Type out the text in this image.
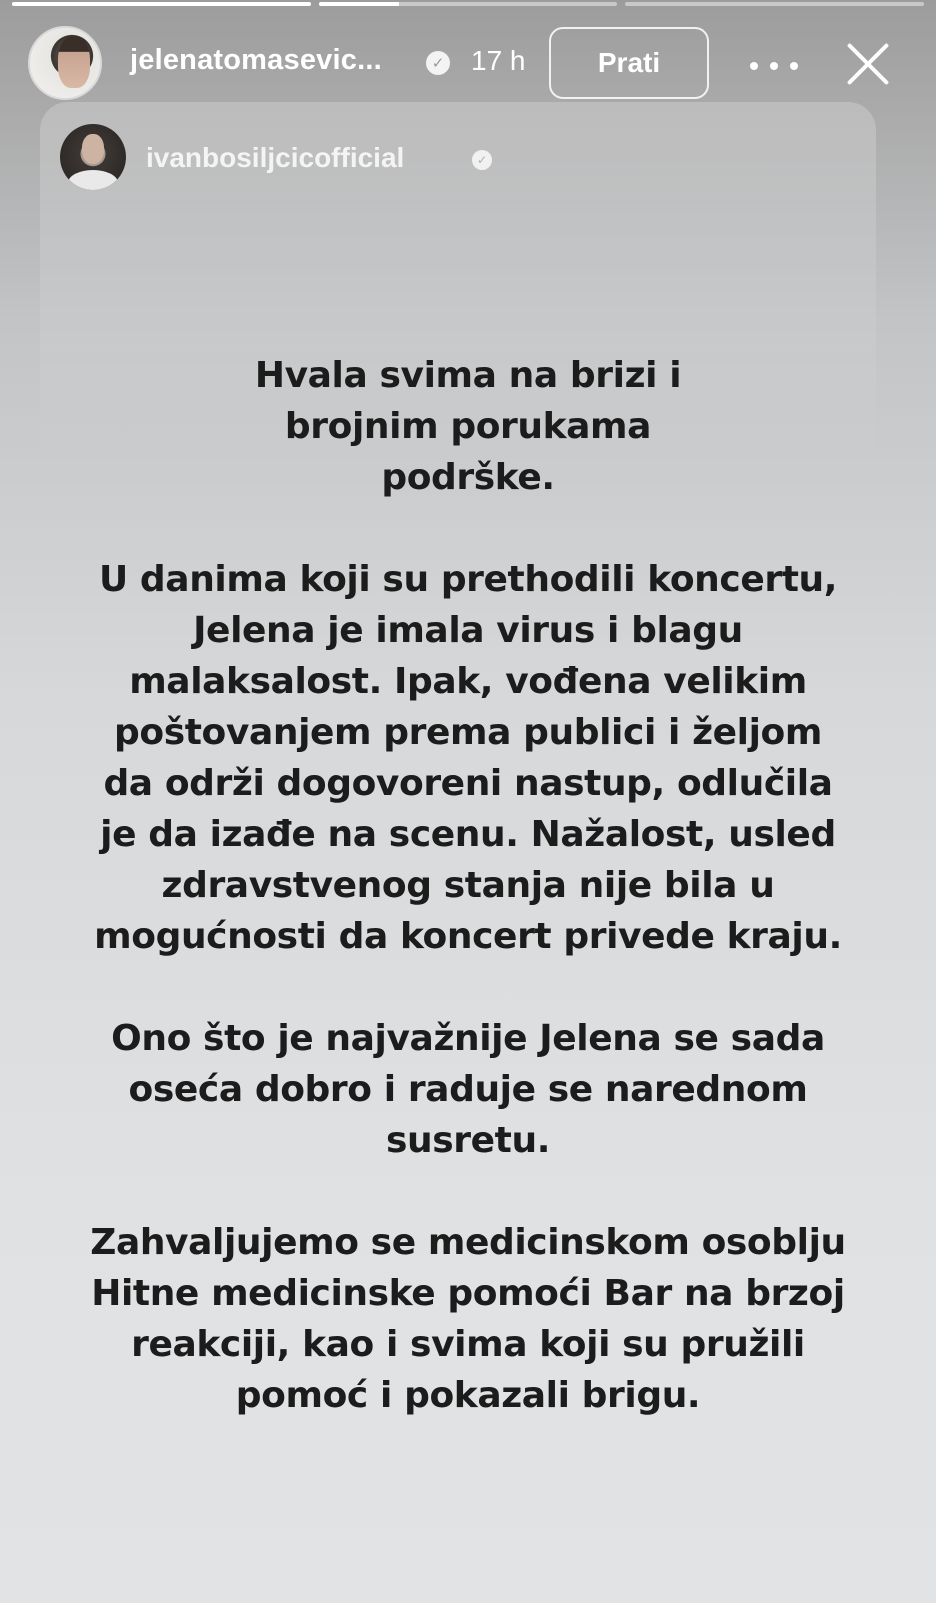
jelenatomasevic...	✓ 17 h	Prati
ivanbosiljcicofficial	✓

Hvala svima na brizi i brojnim porukama podrške.

U danima koji su prethodili koncertu, Jelena je imala virus i blagu malaksalost. Ipak, vođena velikim poštovanjem prema publici i željom da održi dogovoreni nastup, odlučila je da izađe na scenu. Nažalost, usled zdravstvenog stanja nije bila u mogućnosti da koncert privede kraju.

Ono što je najvažnije Jelena se sada oseća dobro i raduje se narednom susretu.

Zahvaljujemo se medicinskom osoblju Hitne medicinske pomoći Bar na brzoj reakciji, kao i svima koji su pružili pomoć i pokazali brigu.
